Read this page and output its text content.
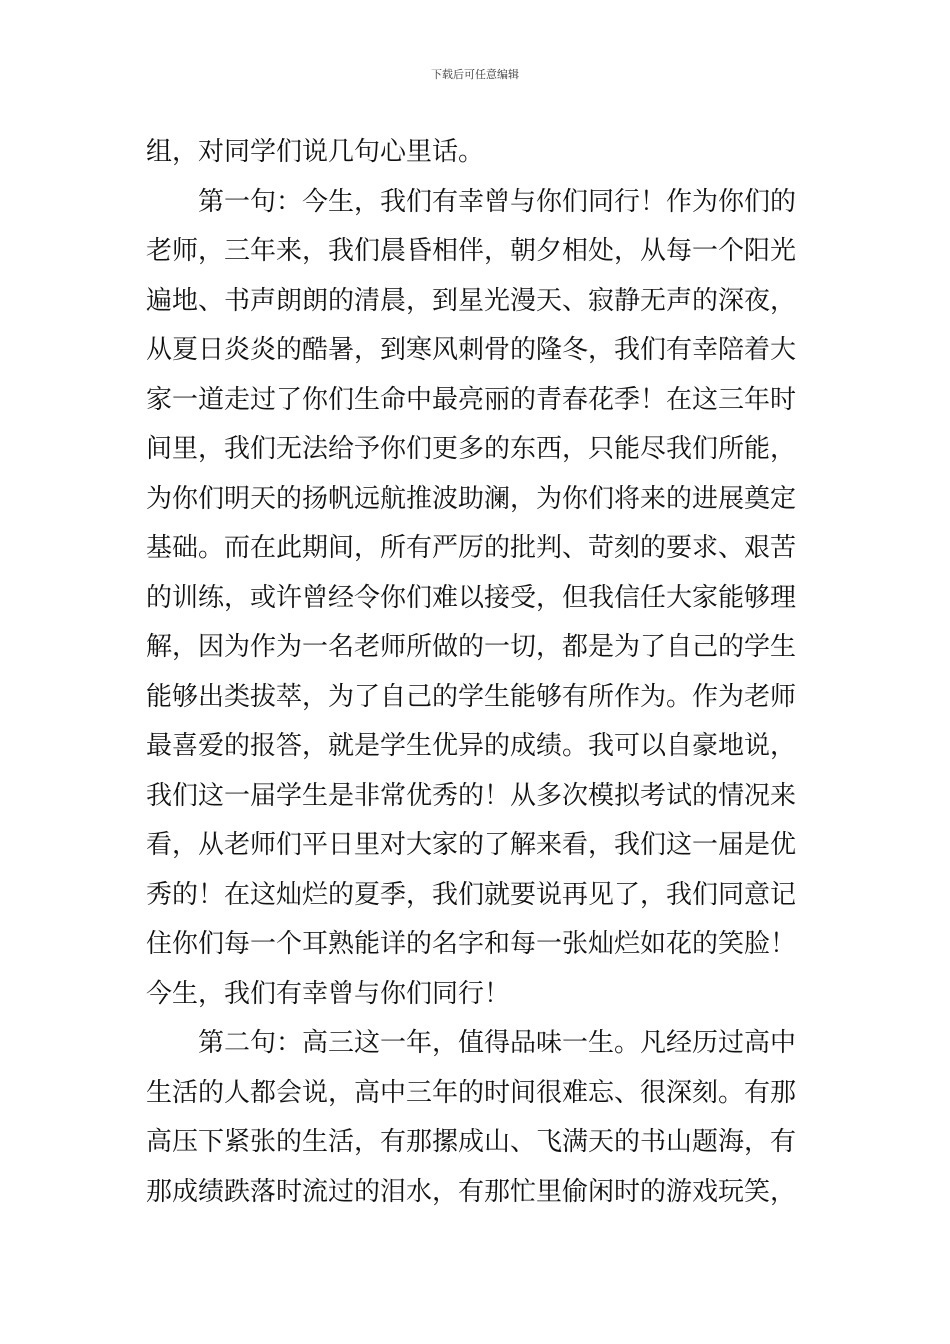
下载后可任意编辑
组，对同学们说几句心里话。
第一句：今生，我们有幸曾与你们同行！作为你们的
老师，三年来，我们晨昏相伴，朝夕相处，从每一个阳光
遍地、书声朗朗的清晨，到星光漫天、寂静无声的深夜，
从夏日炎炎的酷暑，到寒风刺骨的隆冬，我们有幸陪着大
家一道走过了你们生命中最亮丽的青春花季！在这三年时
间里，我们无法给予你们更多的东西，只能尽我们所能，
为你们明天的扬帆远航推波助澜，为你们将来的进展奠定
基础。而在此期间，所有严厉的批判、苛刻的要求、艰苦
的训练，或许曾经令你们难以接受，但我信任大家能够理
解，因为作为一名老师所做的一切，都是为了自己的学生
能够出类拔萃，为了自己的学生能够有所作为。作为老师
最喜爱的报答，就是学生优异的成绩。我可以自豪地说，
我们这一届学生是非常优秀的！从多次模拟考试的情况来
看，从老师们平日里对大家的了解来看，我们这一届是优
秀的！在这灿烂的夏季，我们就要说再见了，我们同意记
住你们每一个耳熟能详的名字和每一张灿烂如花的笑脸！
今生，我们有幸曾与你们同行！
第二句：高三这一年，值得品味一生。凡经历过高中
生活的人都会说，高中三年的时间很难忘、很深刻。有那
高压下紧张的生活，有那摞成山、飞满天的书山题海，有
那成绩跌落时流过的泪水，有那忙里偷闲时的游戏玩笑，
